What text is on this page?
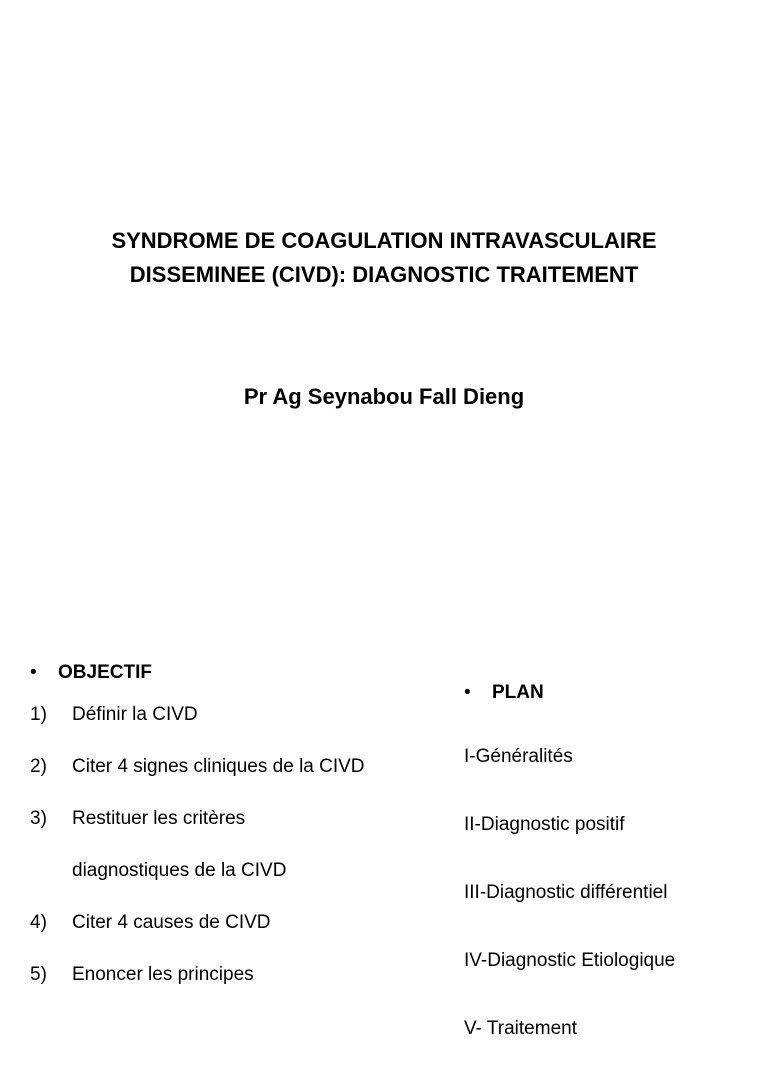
SYNDROME DE COAGULATION INTRAVASCULAIRE
DISSEMINEE (CIVD): DIAGNOSTIC TRAITEMENT
Pr Ag Seynabou Fall Dieng
•	OBJECTIF
1)	Définir la CIVD
2)	Citer 4 signes cliniques de la CIVD
3)	Restituer les critères
diagnostiques de la CIVD
4)	Citer 4 causes de CIVD
5)	Enoncer les principes
•	PLAN
I-Généralités
II-Diagnostic positif
III-Diagnostic différentiel
IV-Diagnostic Etiologique
V- Traitement
